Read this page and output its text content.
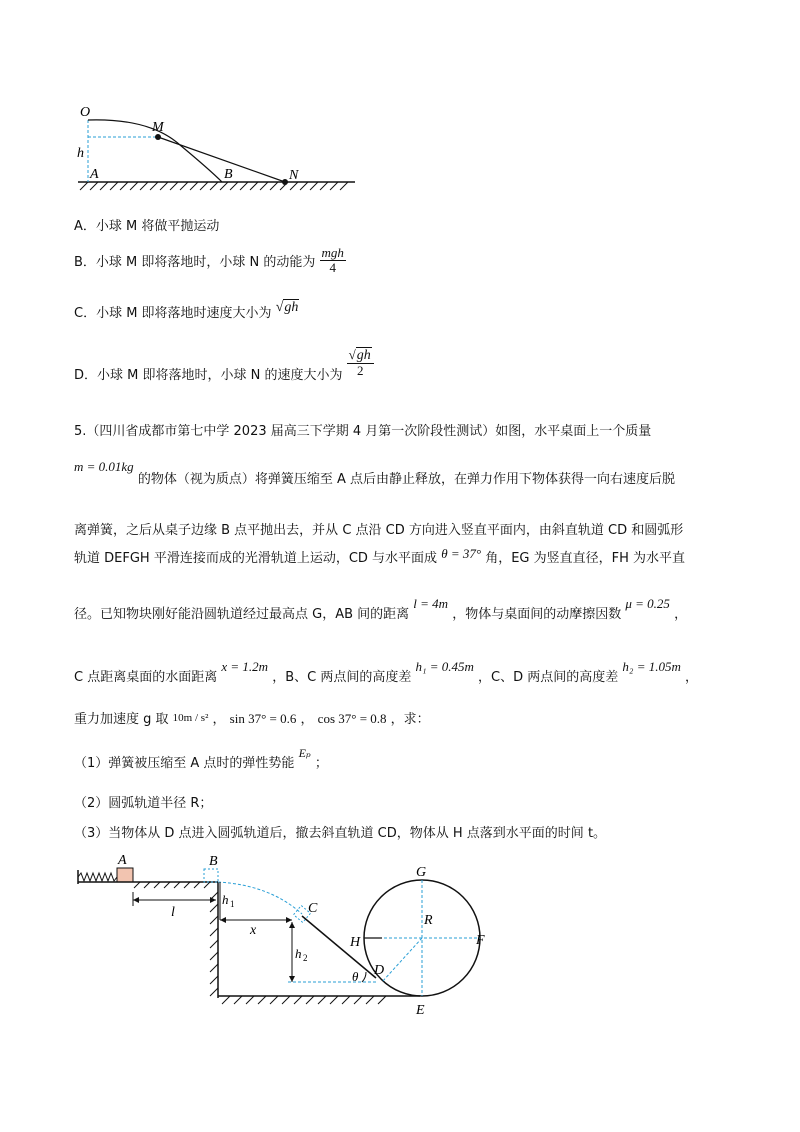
O
M
h
A	B	N
A．小球 M 将做平抛运动
B．小球 M 即将落地时，小球 N 的动能为 $\frac{\text{mgh}}{4}$
C．小球 M 即将落地时速度大小为 √gh
D．小球 M 即将落地时，小球 N 的速度大小为 $\frac{√gh}{2}$
5.（四川省成都市第七中学 2023 届高三下学期 4 月第一次阶段性测试）如图，水平桌面上一个质量
m = 0.01kg 的物体（视为质点）将弹簧压缩至 A 点后由静止释放，在弹力作用下物体获得一向右速度后脱
离弹簧，之后从桌子边缘 B 点平抛出去，并从 C 点沿 CD 方向进入竖直平面内，由斜直轨道 CD 和圆弧形
轨道 DEFGH 平滑连接而成的光滑轨道上运动，CD 与水平面成 θ = 37° 角，EG 为竖直直径，FH 为水平直
径。已知物块刚好能沿圆轨道经过最高点 G，AB 间的距离 l = 4m ，物体与桌面间的动摩擦因数 μ = 0.25 ，
C 点距离桌面的水面距离 x = 1.2m ，B、C 两点间的高度差 h₁ = 0.45m ，C、D 两点间的高度差 h₂ = 1.05m ，
重力加速度 g 取 10m / s² ， sin 37° = 0.6 ， cos 37° = 0.8 ，求：
（1）弹簧被压缩至 A 点时的弹性势能 Eₚ ；
（2）圆弧轨道半径 R；
（3）当物体从 D 点进入圆弧轨道后，撤去斜直轨道 CD，物体从 H 点落到水平面的时间 t。
A	B
C
D
E
F
G
H
R
l
x
h 1
h 2
θ
